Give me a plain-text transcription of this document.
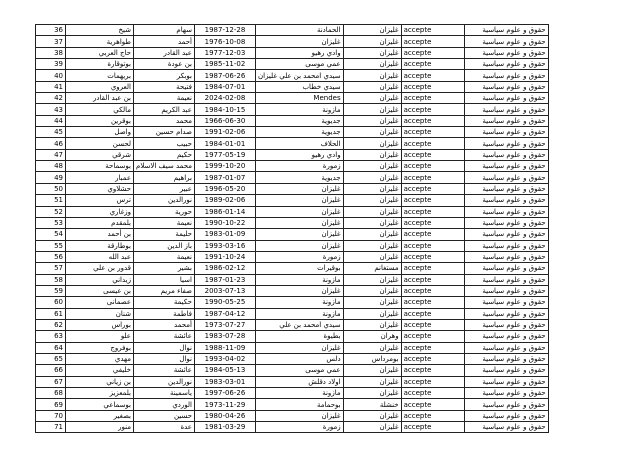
36	شيخ	سهام	1987-12-28	الحمادنة	غليزان	accepte	حقوق و علوم سياسية
37	طواهرية	أحمد	1976-10-08	غليزان	غليزان	accepte	حقوق و علوم سياسية
38	حاج العربي	عبد القادر	1977-12-03	وادي رهيو	غليزان	accepte	حقوق و علوم سياسية
39	بوتوقارة	بن عودة	1985-11-02	عمي موسى	غليزان	accepte	حقوق و علوم سياسية
40	بريهمات	بوبكر	1987-06-26	سيدي امحمد بن علي غليزان	غليزان	accepte	حقوق و علوم سياسية
41	العروي	فتيحة	1984-07-01	سيدي خطاب	غليزان	accepte	حقوق و علوم سياسية
42	بن عبد القادر	نعيمة	2024-02-08	Mendes	غليزان	accepte	حقوق و علوم سياسية
43	مالكي	عبد الكريم	1984-10-15	مازونة	غليزان	accepte	حقوق و علوم سياسية
44	بوقرين	محمد	1966-06-30	جديوية	غليزان	accepte	حقوق و علوم سياسية
45	واصل	صدام حسين	1991-02-06	جديوية	غليزان	accepte	حقوق و علوم سياسية
46	لحسن	حبيب	1984-01-01	الحلاف	غليزان	accepte	حقوق و علوم سياسية
47	شرقي	حكيم	1977-05-19	وادي رهيو	غليزان	accepte	حقوق و علوم سياسية
48	بوسماحة	محمد سيف الاسلام	1999-10-20	زمورة	غليزان	accepte	حقوق و علوم سياسية
49	عمبار	براهيم	1987-01-07	جديوية	غليزان	accepte	حقوق و علوم سياسية
50	حشلاوي	عبير	1996-05-20	غليزان	غليزان	accepte	حقوق و علوم سياسية
51	ترس	نورالدين	1989-02-06	غليزان	غليزان	accepte	حقوق و علوم سياسية
52	وزغاري	حورية	1986-01-14	غليزان	غليزان	accepte	حقوق و علوم سياسية
53	بلمقدم	نعيمة	1990-10-22	غليزان	غليزان	accepte	حقوق و علوم سياسية
54	بن أحمد	حليمة	1983-01-09	غليزان	غليزان	accepte	حقوق و علوم سياسية
55	بوطارقة	باز الدين	1993-03-16	غليزان	غليزان	accepte	حقوق و علوم سياسية
56	عبد الله	نعيمة	1991-10-24	زمورة	غليزان	accepte	حقوق و علوم سياسية
57	قدور بن علي	بشير	1986-02-12	بوقيرات	مستغانم	accepte	حقوق و علوم سياسية
58	زيداني	اسيا	1987-01-23	مازونة	غليزان	accepte	حقوق و علوم سياسية
59	بن عيسى	صفاء مريم	2003-07-13	غليزان	غليزان	accepte	حقوق و علوم سياسية
60	عصمانى	حكيمة	1990-05-25	مازونة	غليزان	accepte	حقوق و علوم سياسية
61	شنان	فاطمة	1987-04-12	مازونة	غليزان	accepte	حقوق و علوم سياسية
62	بوراس	أمحمد	1973-07-27	سيدي امحمد بن علي	غليزان	accepte	حقوق و علوم سياسية
63	علو	عائشة	1983-07-28	بطيوة	وهران	accepte	حقوق و علوم سياسية
64	بوفروج	نوال	1988-11-09	غليزان	غليزان	accepte	حقوق و علوم سياسية
65	مهدي	نوال	1993-04-02	دلس	بومرداس	accepte	حقوق و علوم سياسية
66	خليفي	عائشة	1984-05-13	عمي موسى	غليزان	accepte	حقوق و علوم سياسية
67	بن زياني	نورالدين	1983-03-01	اولاد دقلش	غليزان	accepte	حقوق و علوم سياسية
68	بلمعزيز	ياسمينة	1997-06-26	مازونة	غليزان	accepte	حقوق و علوم سياسية
69	بوسماعي	الوردي	1973-11-29	بوحمامة	خنشلة	accepte	حقوق و علوم سياسية
70	بصغير	حسين	1980-04-26	غليزان	غليزان	accepte	حقوق و علوم سياسية
71	منور	عدة	1981-03-29	زمورة	غليزان	accepte	حقوق و علوم سياسية
